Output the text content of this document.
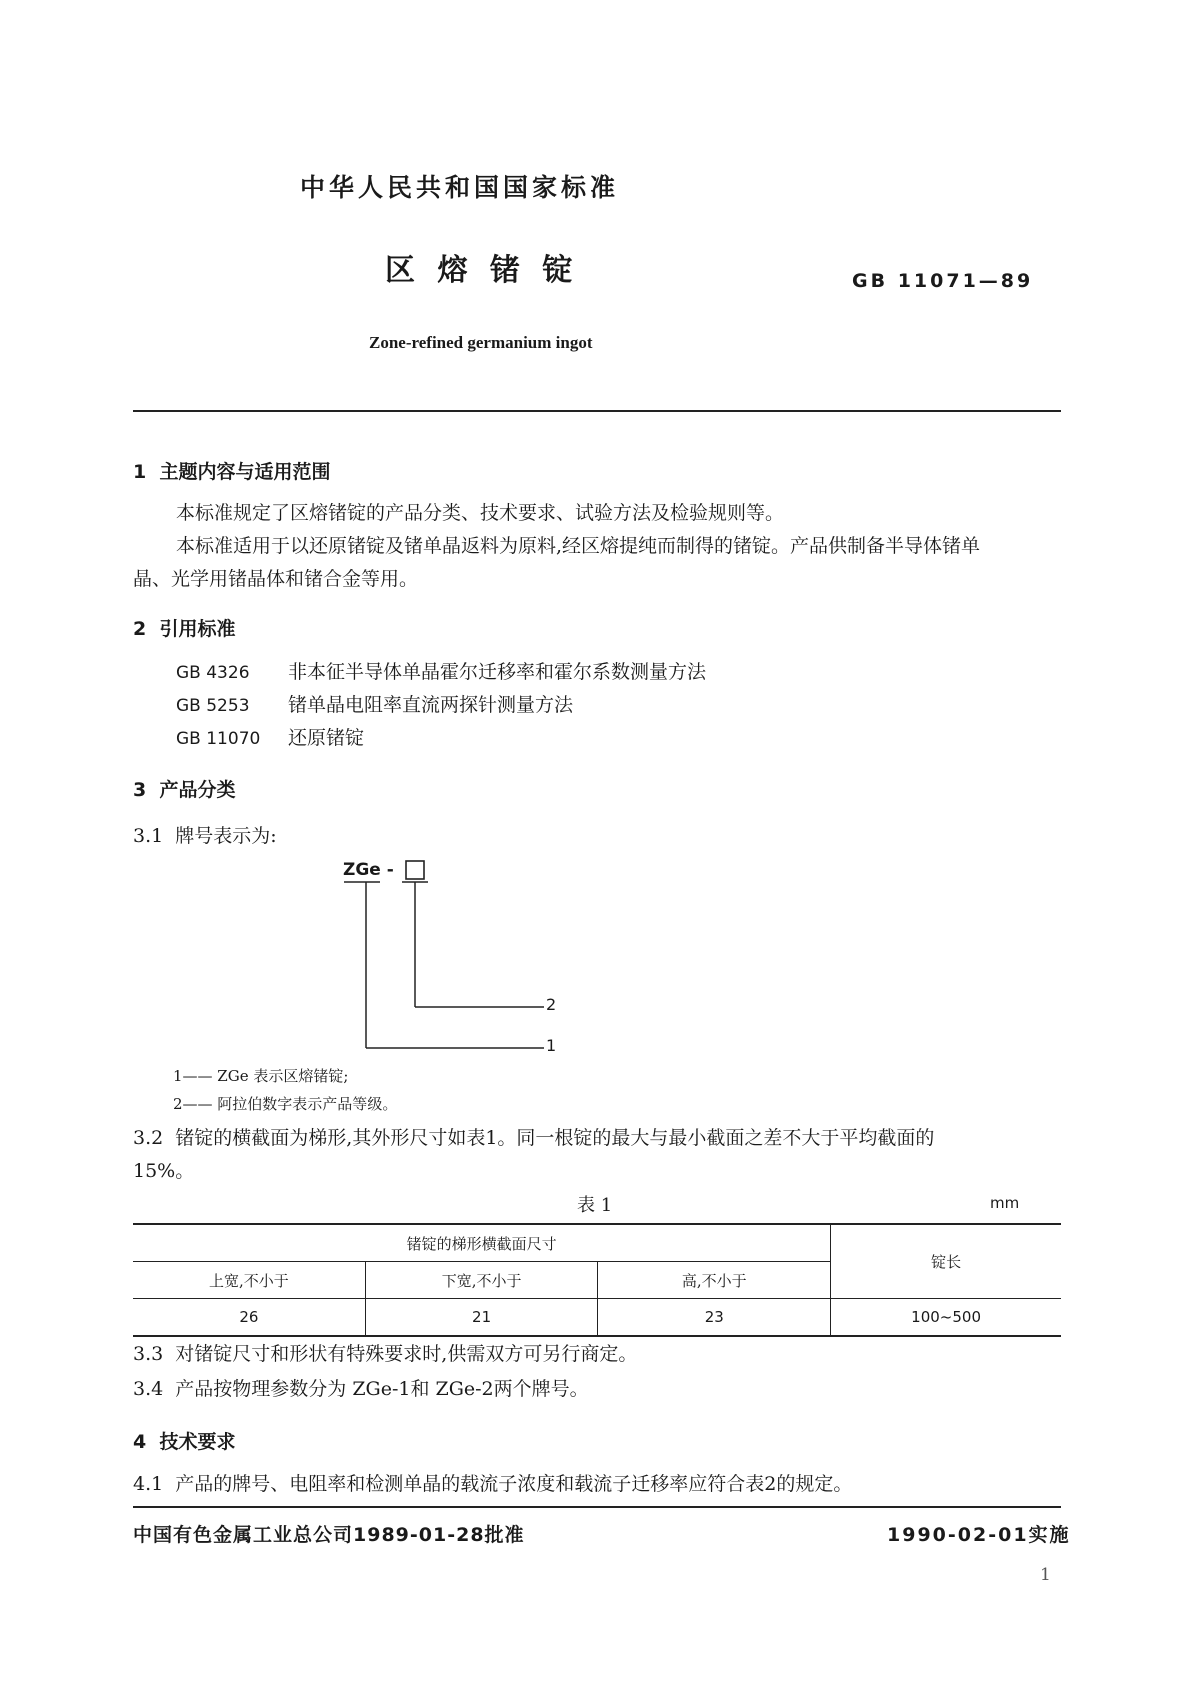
中华人民共和国国家标准
区 熔 锗 锭	GB 11071—89
Zone-refined germanium ingot
1  主题内容与适用范围
本标准规定了区熔锗锭的产品分类、技术要求、试验方法及检验规则等。
本标准适用于以还原锗锭及锗单晶返料为原料,经区熔提纯而制得的锗锭。产品供制备半导体锗单
晶、光学用锗晶体和锗合金等用。
2  引用标准
GB 4326 非本征半导体单晶霍尔迁移率和霍尔系数测量方法
GB 5253 锗单晶电阻率直流两探针测量方法
GB 11070 还原锗锭
3  产品分类
3.1  牌号表示为:
ZGe -
2
1
1—— ZGe 表示区熔锗锭;
2—— 阿拉伯数字表示产品等级。
3.2  锗锭的横截面为梯形,其外形尺寸如表1。同一根锭的最大与最小截面之差不大于平均截面的
15%。
表 1	mm
锗锭的梯形横截面尺寸			锭长
上宽,不小于	下宽,不小于	高,不小于	
26	21	23	100~500
3.3  对锗锭尺寸和形状有特殊要求时,供需双方可另行商定。
3.4  产品按物理参数分为 ZGe-1和 ZGe-2两个牌号。
4  技术要求
4.1  产品的牌号、电阻率和检测单晶的载流子浓度和载流子迁移率应符合表2的规定。
中国有色金属工业总公司1989-01-28批准	1990-02-01实施
1
